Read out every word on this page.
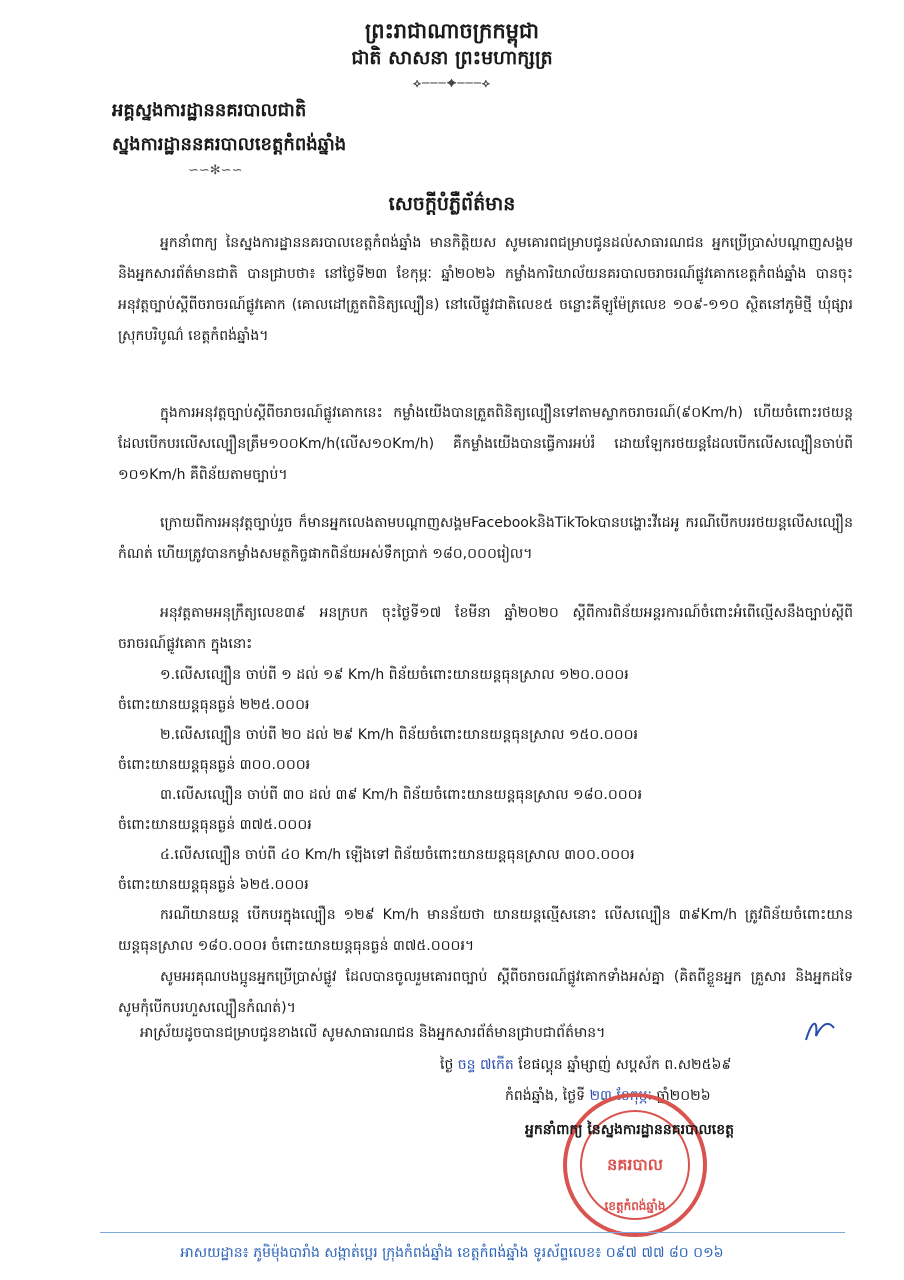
ព្រះរាជាណាចក្រកម្ពុជា
ជាតិ សាសនា ព្រះមហាក្សត្រ
⟡───✦───⟡
អគ្គស្នងការដ្ឋាននគរបាលជាតិ
ស្នងការដ្ឋាននគរបាលខេត្តកំពង់ឆ្នាំង
∽∽✻∽∽
សេចក្តីបំភ្លឺព័ត៌មាន
អ្នកនាំពាក្យ នៃស្នងការដ្ឋាននគរបាលខេត្តកំពង់ឆ្នាំង មានកិត្តិយស សូមគោរពជម្រាបជូនដល់សាធារណជន អ្នកប្រើប្រាស់បណ្តាញសង្គម និងអ្នកសារព័ត៌មានជាតិ បានជ្រាបថា៖ នៅថ្ងៃទី២៣ ខែកុម្ភៈ ឆ្នាំ២០២៦ កម្លាំងការិយាល័យនគរបាលចរាចរណ៍ផ្លូវគោកខេត្តកំពង់ឆ្នាំង បានចុះអនុវត្តច្បាប់ស្តីពីចរាចរណ៍ផ្លូវគោក (គោលដៅត្រួតពិនិត្យល្បឿន) នៅលើផ្លូវជាតិលេខ៥ ចន្លោះគីឡូម៉ែត្រលេខ ១០៩-១១០ ស្ថិតនៅភូមិថ្មី ឃុំផ្សារ ស្រុកបរិបូណ៌ ខេត្តកំពង់ឆ្នាំង។
ក្នុងការអនុវត្តច្បាប់ស្តីពីចរាចរណ៍ផ្លូវគោកនេះ កម្លាំងយើងបានត្រួតពិនិត្យល្បឿនទៅតាមស្លាកចរាចរណ៍(៩០Km/h) ហើយចំពោះរថយន្តដែលបើកបរលើសល្បឿនត្រឹម១០០Km/h(លើស១០Km/h) គឺកម្លាំងយើងបានធ្វើការអប់រំ ដោយឡែករថយន្តដែលបើកលើសល្បឿនចាប់ពី ១០១Km/h គឺពិន័យតាមច្បាប់។
ក្រោយពីការអនុវត្តច្បាប់រួច ក៏មានអ្នកលេងតាមបណ្តាញសង្គមFacebookនិងTikTokបានបង្ហោះវីដេអូ ករណីបើកបររថយន្តលើសល្បឿនកំណត់ ហើយត្រូវបានកម្លាំងសមត្ថកិច្ចផាកពិន័យអស់ទឹកប្រាក់ ១៨០,០០០រៀល។
អនុវត្តតាមអនុក្រឹត្យលេខ៣៩ អនក្របក ចុះថ្ងៃទី១៧ ខែមីនា ឆ្នាំ២០២០ ស្តីពីការពិន័យអន្តរការណ៍ចំពោះអំពើល្មើសនឹងច្បាប់ស្តីពីចរាចរណ៍ផ្លូវគោក ក្នុងនោះ
១.លើសល្បឿន ចាប់ពី ១ ដល់ ១៩ Km/h ពិន័យចំពោះយានយន្តធុនស្រាល ១២០.០០០៛
ចំពោះយានយន្តធុនធ្ងន់ ២២៥.០០០៛
២.លើសល្បឿន ចាប់ពី ២០ ដល់ ២៩ Km/h ពិន័យចំពោះយានយន្តធុនស្រាល ១៥០.០០០៛
ចំពោះយានយន្តធុនធ្ងន់ ៣០០.០០០៛
៣.លើសល្បឿន ចាប់ពី ៣០ ដល់ ៣៩ Km/h ពិន័យចំពោះយានយន្តធុនស្រាល ១៨០.០០០៛
ចំពោះយានយន្តធុនធ្ងន់ ៣៧៥.០០០៛
៤.លើសល្បឿន ចាប់ពី ៤០ Km/h ឡើងទៅ ពិន័យចំពោះយានយន្តធុនស្រាល ៣០០.០០០៛
ចំពោះយានយន្តធុនធ្ងន់ ៦២៥.០០០៛
ករណីយានយន្ត បើកបរក្នុងល្បឿន ១២៩ Km/h មានន័យថា យានយន្តល្មើសនោះ លើសល្បឿន ៣៩Km/h ត្រូវពិន័យចំពោះយានយន្តធុនស្រាល ១៨០.០០០៛ ចំពោះយានយន្តធុនធ្ងន់ ៣៧៥.០០០៛។
សូមអរគុណបងប្អូនអ្នកប្រើប្រាស់ផ្លូវ ដែលបានចូលរួមគោរពច្បាប់ ស្តីពីចរាចរណ៍ផ្លូវគោកទាំងអស់គ្នា (គិតពីខ្លួនអ្នក គ្រួសារ និងអ្នកដទៃ សូមកុំបើកបរហួសល្បឿនកំណត់)។
អាស្រ័យដូចបានជម្រាបជូនខាងលើ សូមសាធារណជន និងអ្នកសារព័ត៌មានជ្រាបជាព័ត៌មាន។
ថ្ងៃ ចន្ទ ៧កើត ខែផល្គុន ឆ្នាំម្សាញ់ សប្តស័ក ព.ស២៥៦៩
កំពង់ឆ្នាំង, ថ្ងៃទី ២៣ ខែកុម្ភៈ ឆ្នាំ២០២៦
នគរបាល
ខេត្តកំពង់ឆ្នាំង
អ្នកនាំពាក្យ នៃស្នងការដ្ឋាននគរបាលខេត្ត
អាសយដ្ឋាន៖ ភូមិម៉ុងបារាំង សង្កាត់ប្អេរ ក្រុងកំពង់ឆ្នាំង ខេត្តកំពង់ឆ្នាំង ទូរស័ព្ទលេខ៖ ០៩៧ ៧៧ ៨០ ០១៦
